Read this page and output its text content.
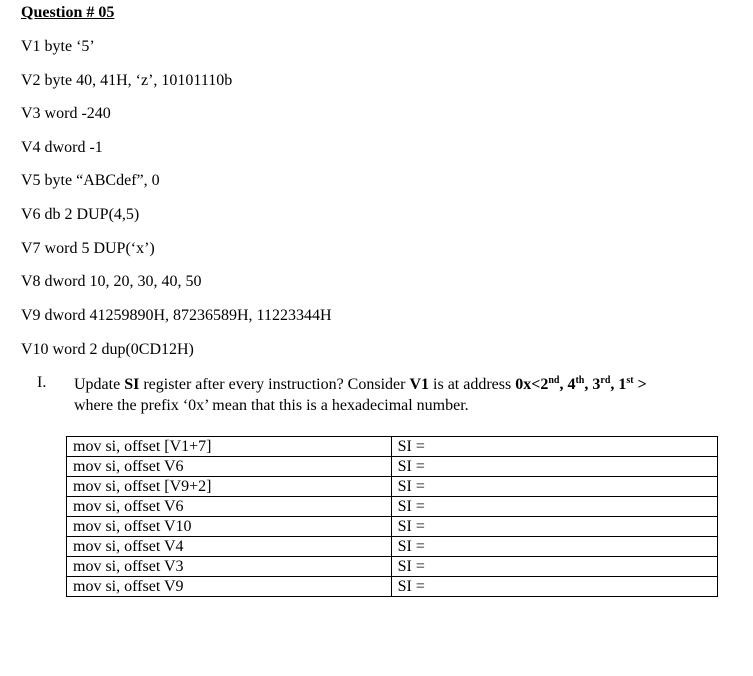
Question # 05
V1 byte ‘5’
V2 byte 40, 41H, ‘z’, 10101110b
V3 word -240
V4 dword -1
V5 byte “ABCdef”, 0
V6 db 2 DUP(4,5)
V7 word 5 DUP(‘x’)
V8 dword 10, 20, 30, 40, 50
V9 dword 41259890H, 87236589H, 11223344H
V10 word 2 dup(0CD12H)
I. Update SI register after every instruction? Consider V1 is at address 0x<2nd, 4th, 3rd, 1st >
where the prefix ‘0x’ mean that this is a hexadecimal number.
mov si, offset [V1+7]	SI =
mov si, offset V6	SI =
mov si, offset [V9+2]	SI =
mov si, offset V6	SI =
mov si, offset V10	SI =
mov si, offset V4	SI =
mov si, offset V3	SI =
mov si, offset V9	SI =
